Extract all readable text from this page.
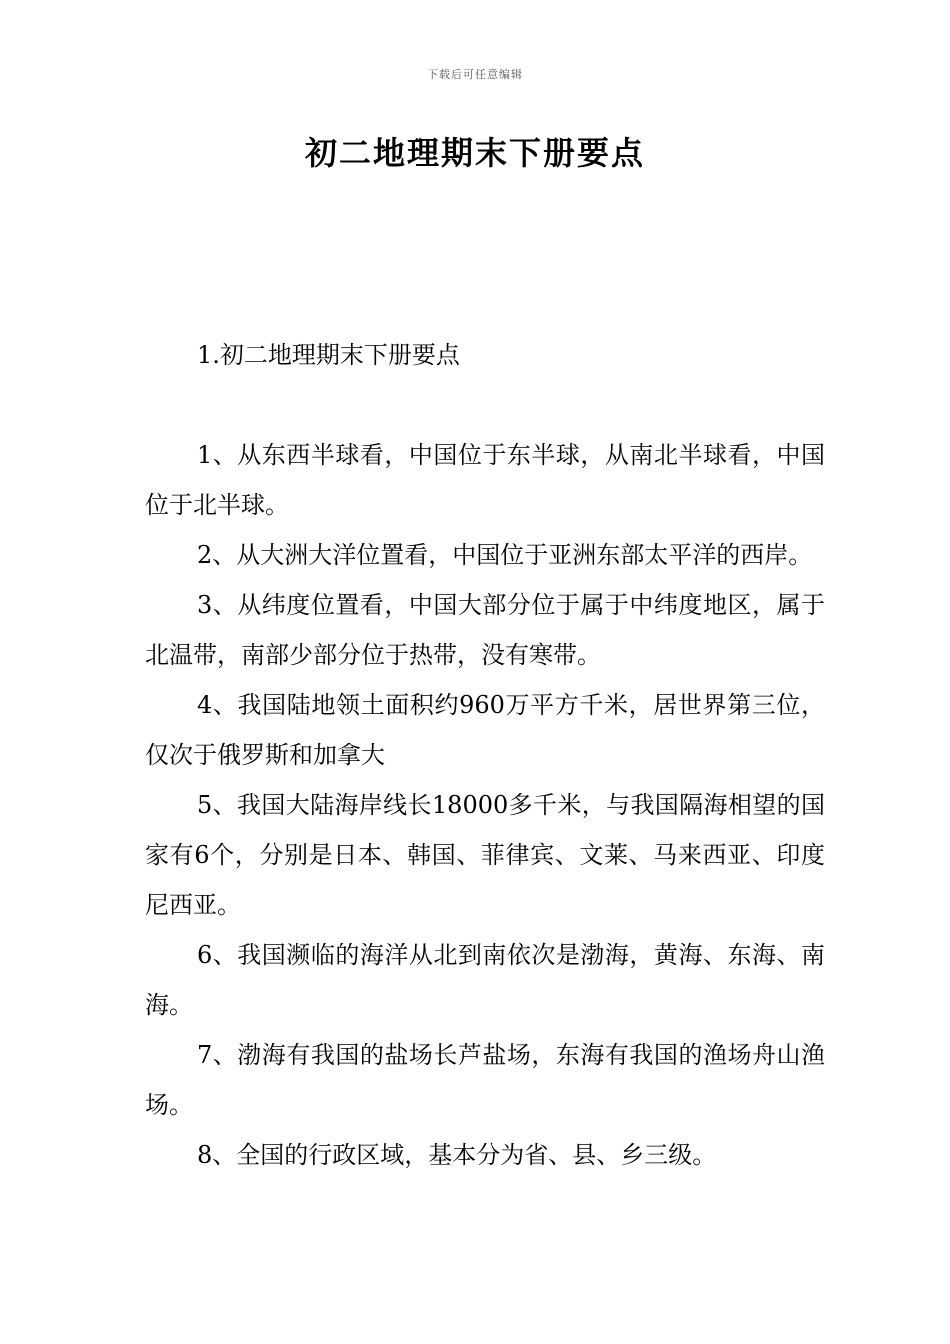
下载后可任意编辑
初二地理期末下册要点

1.初二地理期末下册要点

1、从东西半球看，中国位于东半球，从南北半球看，中国位于北半球。

2、从大洲大洋位置看，中国位于亚洲东部太平洋的西岸。

3、从纬度位置看，中国大部分位于属于中纬度地区，属于北温带，南部少部分位于热带，没有寒带。

4、我国陆地领土面积约960万平方千米，居世界第三位，仅次于俄罗斯和加拿大

5、我国大陆海岸线长18000多千米，与我国隔海相望的国家有6个，分别是日本、韩国、菲律宾、文莱、马来西亚、印度尼西亚。

6、我国濒临的海洋从北到南依次是渤海，黄海、东海、南海。

7、渤海有我国的盐场长芦盐场，东海有我国的渔场舟山渔场。

8、全国的行政区域，基本分为省、县、乡三级。
